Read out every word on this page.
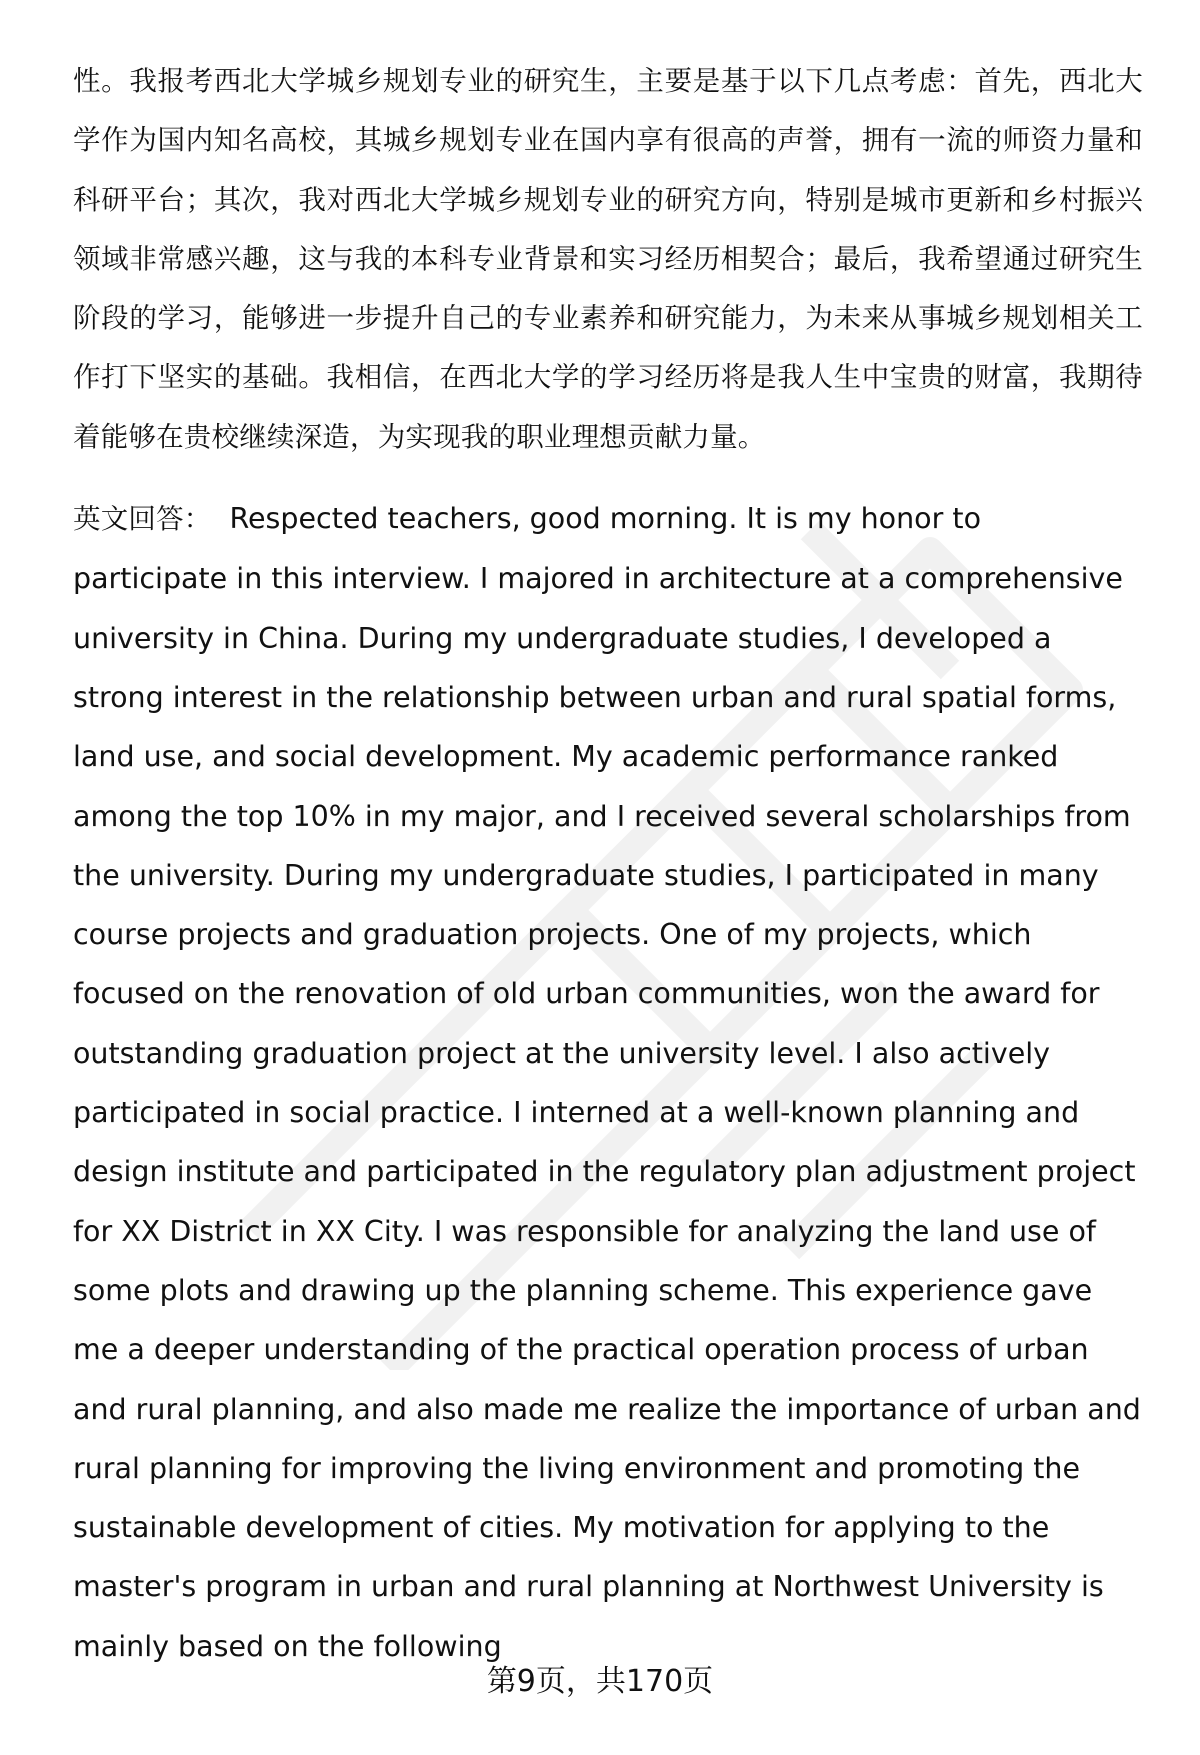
性。我报考西北大学城乡规划专业的研究生，主要是基于以下几点考虑：首先，西北大学作为国内知名高校，其城乡规划专业在国内享有很高的声誉，拥有一流的师资力量和科研平台；其次，我对西北大学城乡规划专业的研究方向，特别是城市更新和乡村振兴领域非常感兴趣，这与我的本科专业背景和实习经历相契合；最后，我希望通过研究生阶段的学习，能够进一步提升自己的专业素养和研究能力，为未来从事城乡规划相关工作打下坚实的基础。我相信，在西北大学的学习经历将是我人生中宝贵的财富，我期待着能够在贵校继续深造，为实现我的职业理想贡献力量。

英文回答： Respected teachers, good morning. It is my honor to participate in this interview. I majored in architecture at a comprehensive university in China. During my undergraduate studies, I developed a strong interest in the relationship between urban and rural spatial forms, land use, and social development. My academic performance ranked among the top 10% in my major, and I received several scholarships from the university. During my undergraduate studies, I participated in many course projects and graduation projects. One of my projects, which focused on the renovation of old urban communities, won the award for outstanding graduation project at the university level. I also actively participated in social practice. I interned at a well-known planning and design institute and participated in the regulatory plan adjustment project for XX District in XX City. I was responsible for analyzing the land use of some plots and drawing up the planning scheme. This experience gave me a deeper understanding of the practical operation process of urban and rural planning, and also made me realize the importance of urban and rural planning for improving the living environment and promoting the sustainable development of cities. My motivation for applying to the master's program in urban and rural planning at Northwest University is mainly based on the following

第9页，共170页
